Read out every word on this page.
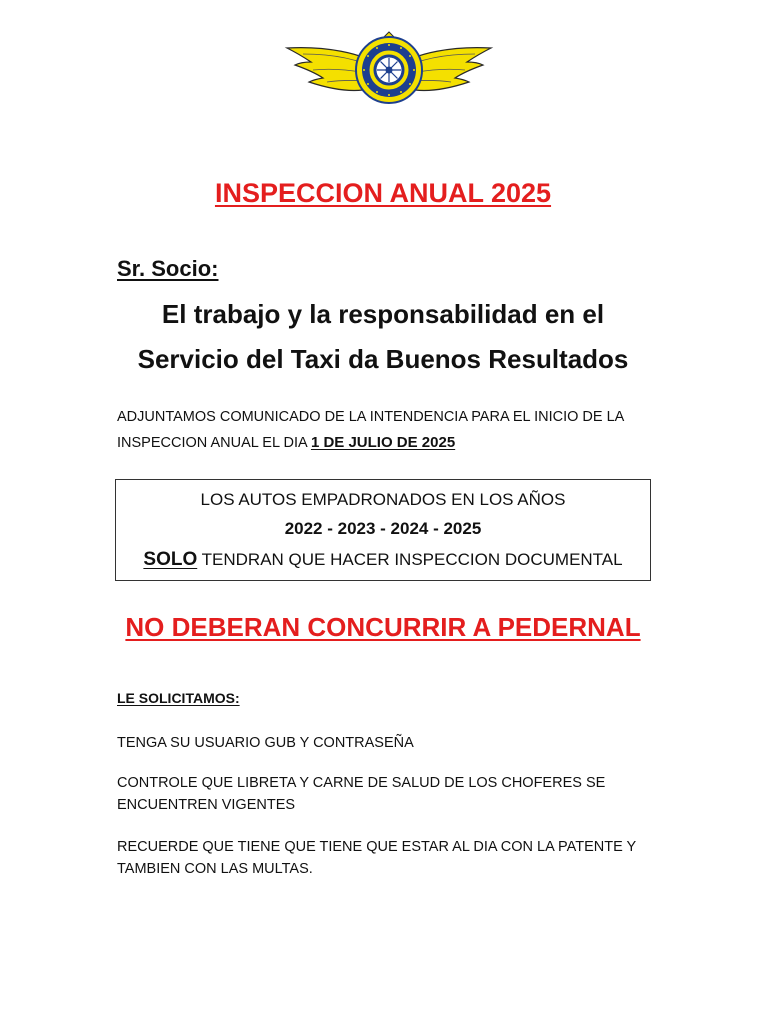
INSPECCION ANUAL 2025
Sr. Socio:
El trabajo y la responsabilidad en el
Servicio del Taxi da Buenos Resultados
ADJUNTAMOS COMUNICADO DE LA INTENDENCIA PARA EL INICIO DE LA
INSPECCION ANUAL EL DIA 1 DE JULIO DE 2025
LOS AUTOS EMPADRONADOS EN LOS AÑOS
2022 - 2023 - 2024 - 2025
SOLO TENDRAN QUE HACER INSPECCION DOCUMENTAL
NO DEBERAN CONCURRIR A PEDERNAL
LE SOLICITAMOS:
TENGA SU USUARIO GUB Y CONTRASEÑA
CONTROLE QUE LIBRETA Y CARNE DE SALUD DE LOS CHOFERES SE
ENCUENTREN VIGENTES
RECUERDE QUE TIENE QUE TIENE QUE ESTAR AL DIA CON LA PATENTE Y
TAMBIEN CON LAS MULTAS.
